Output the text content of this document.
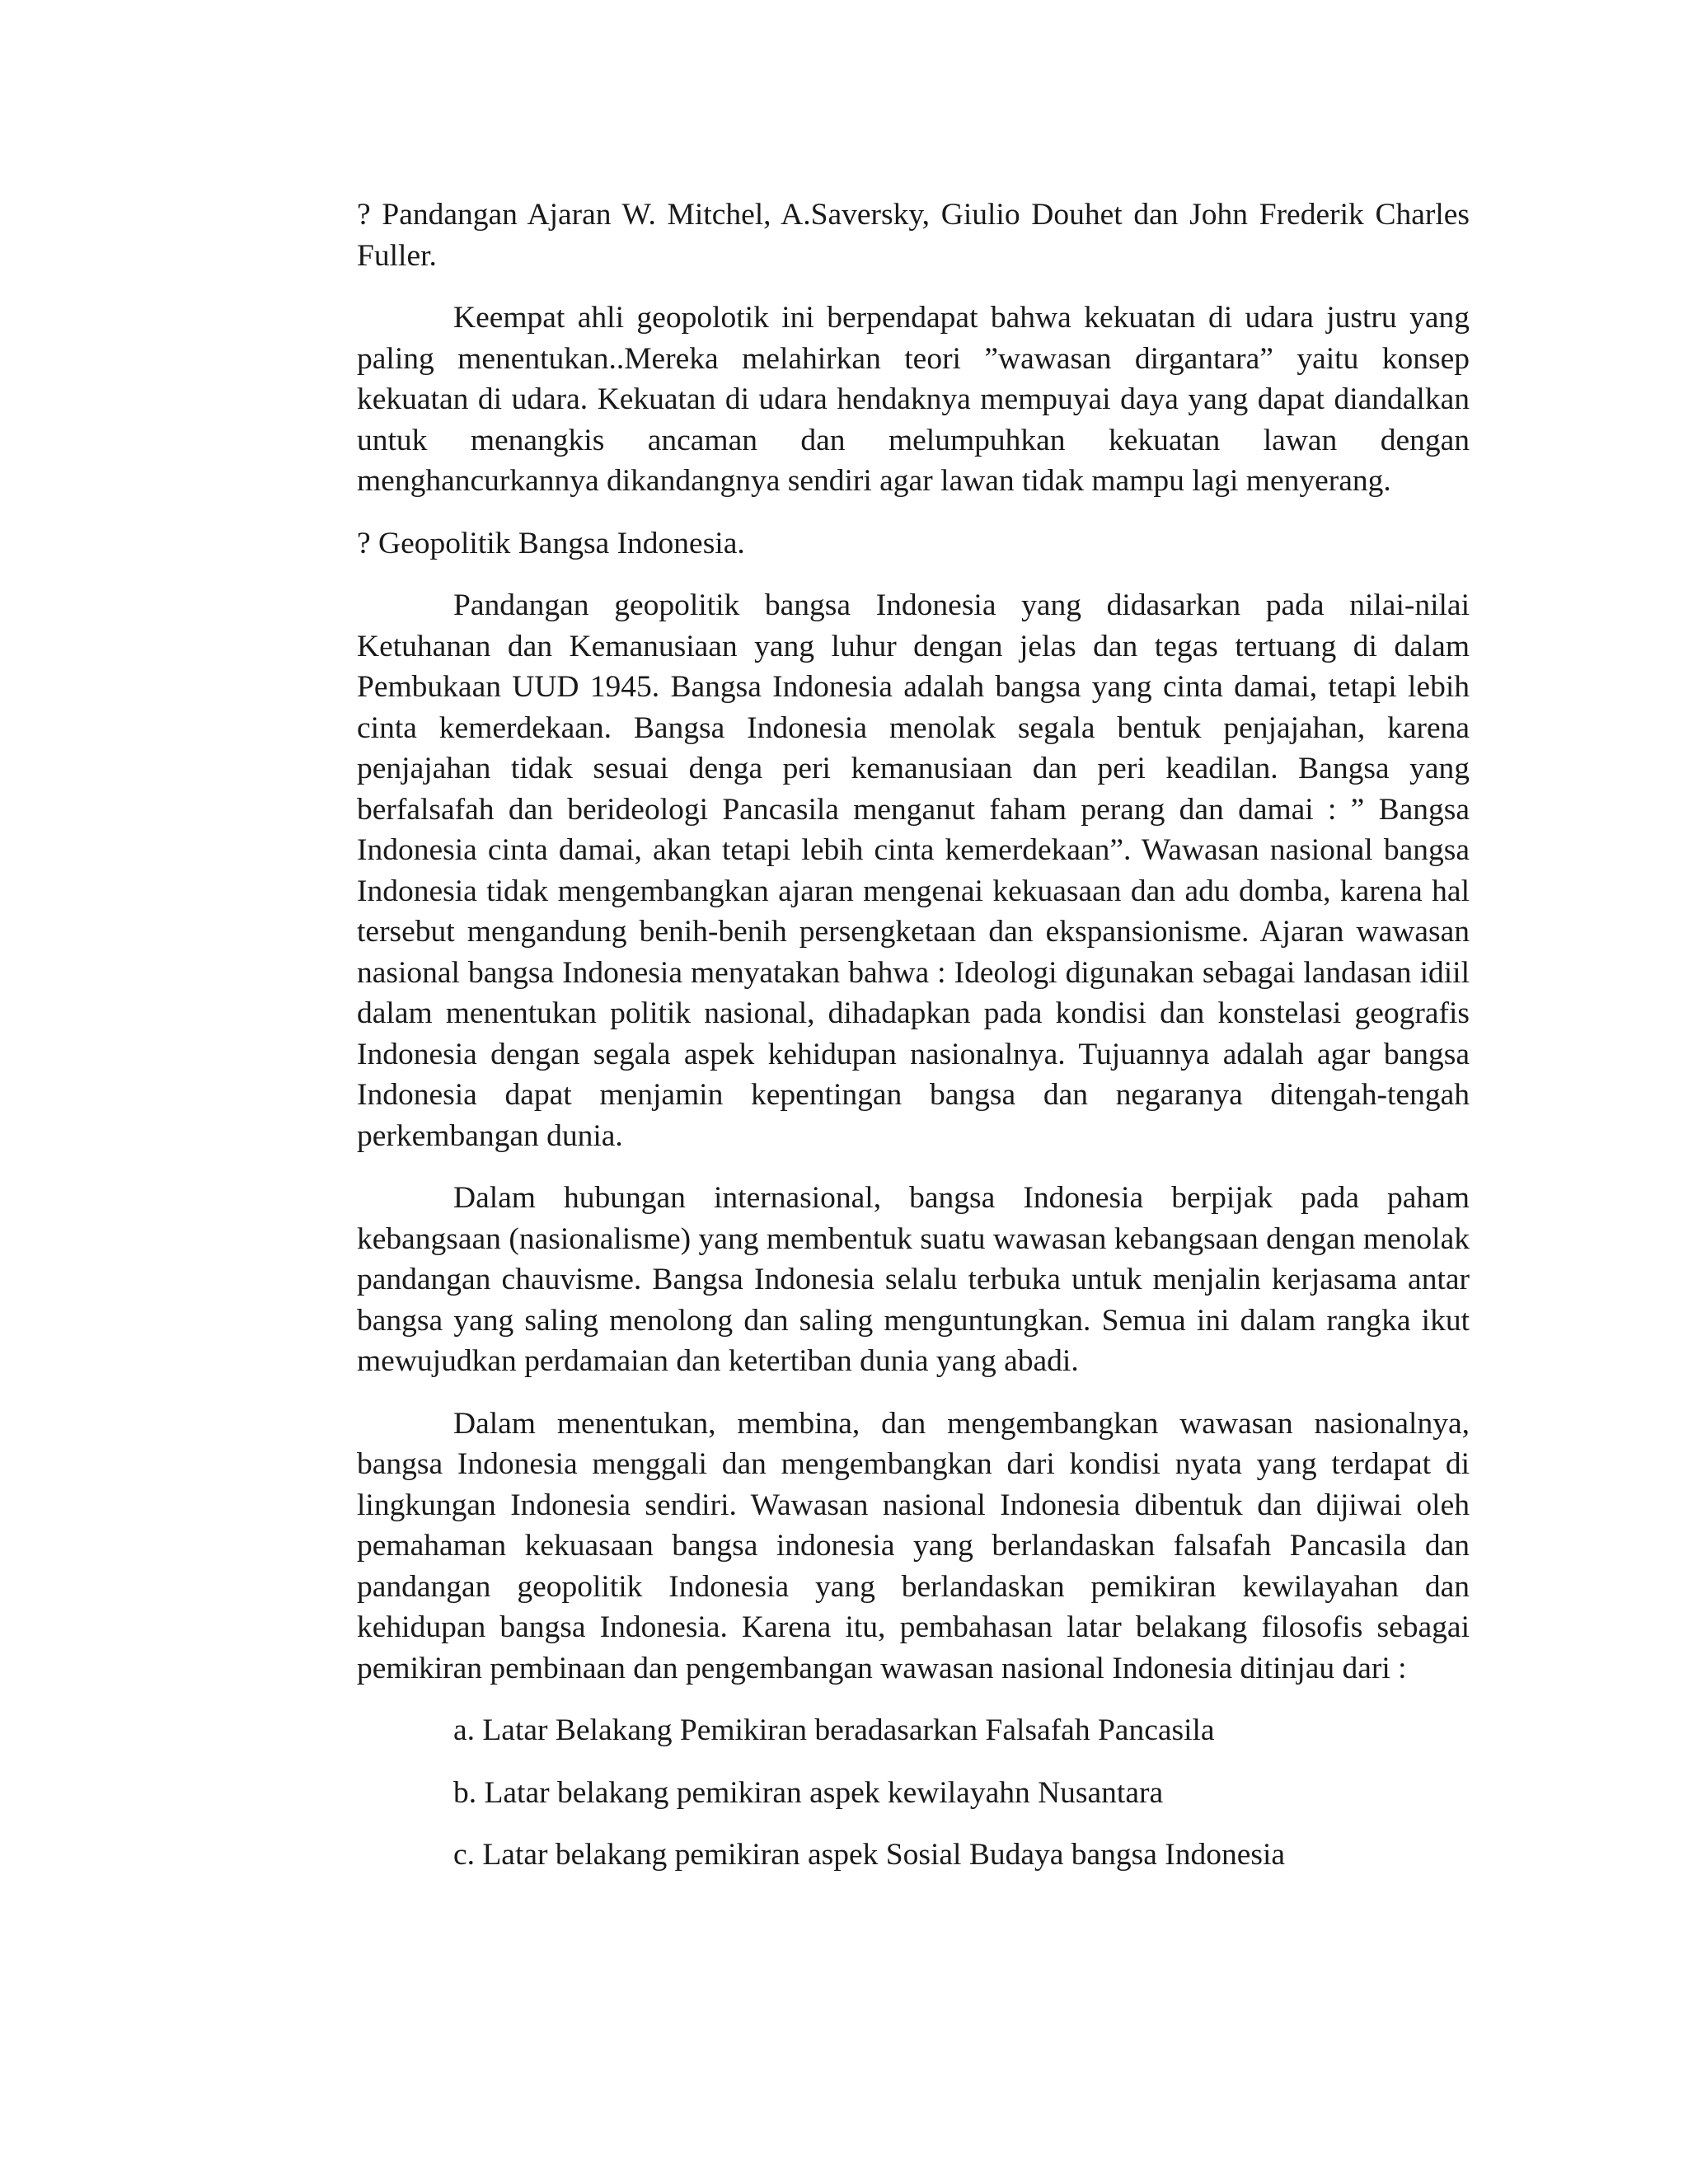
? Pandangan Ajaran W. Mitchel, A.Saversky, Giulio Douhet dan John Frederik Charles Fuller.

Keempat ahli geopolotik ini berpendapat bahwa kekuatan di udara justru yang paling menentukan..Mereka melahirkan teori ”wawasan dirgantara” yaitu konsep kekuatan di udara. Kekuatan di udara hendaknya mempuyai daya yang dapat diandalkan untuk menangkis ancaman dan melumpuhkan kekuatan lawan dengan menghancurkannya dikandangnya sendiri agar lawan tidak mampu lagi menyerang.

? Geopolitik Bangsa Indonesia.

Pandangan geopolitik bangsa Indonesia yang didasarkan pada nilai-nilai Ketuhanan dan Kemanusiaan yang luhur dengan jelas dan tegas tertuang di dalam Pembukaan UUD 1945. Bangsa Indonesia adalah bangsa yang cinta damai, tetapi lebih cinta kemerdekaan. Bangsa Indonesia menolak segala bentuk penjajahan, karena penjajahan tidak sesuai denga peri kemanusiaan dan peri keadilan. Bangsa yang berfalsafah dan berideologi Pancasila menganut faham perang dan damai : ” Bangsa Indonesia cinta damai, akan tetapi lebih cinta kemerdekaan”. Wawasan nasional bangsa Indonesia tidak mengembangkan ajaran mengenai kekuasaan dan adu domba, karena hal tersebut mengandung benih-benih persengketaan dan ekspansionisme. Ajaran wawasan nasional bangsa Indonesia menyatakan bahwa : Ideologi digunakan sebagai landasan idiil dalam menentukan politik nasional, dihadapkan pada kondisi dan konstelasi geografis Indonesia dengan segala aspek kehidupan nasionalnya. Tujuannya adalah agar bangsa Indonesia dapat menjamin kepentingan bangsa dan negaranya ditengah-tengah perkembangan dunia.

Dalam hubungan internasional, bangsa Indonesia berpijak pada paham kebangsaan (nasionalisme) yang membentuk suatu wawasan kebangsaan dengan menolak pandangan chauvisme. Bangsa Indonesia selalu terbuka untuk menjalin kerjasama antar bangsa yang saling menolong dan saling menguntungkan. Semua ini dalam rangka ikut mewujudkan perdamaian dan ketertiban dunia yang abadi.

Dalam menentukan, membina, dan mengembangkan wawasan nasionalnya, bangsa Indonesia menggali dan mengembangkan dari kondisi nyata yang terdapat di lingkungan Indonesia sendiri. Wawasan nasional Indonesia dibentuk dan dijiwai oleh pemahaman kekuasaan bangsa indonesia yang berlandaskan falsafah Pancasila dan pandangan geopolitik Indonesia yang berlandaskan pemikiran kewilayahan dan kehidupan bangsa Indonesia. Karena itu, pembahasan latar belakang filosofis sebagai pemikiran pembinaan dan pengembangan wawasan nasional Indonesia ditinjau dari :

a. Latar Belakang Pemikiran beradasarkan Falsafah Pancasila
b. Latar belakang pemikiran aspek kewilayahn Nusantara
c. Latar belakang pemikiran aspek Sosial Budaya bangsa Indonesia
